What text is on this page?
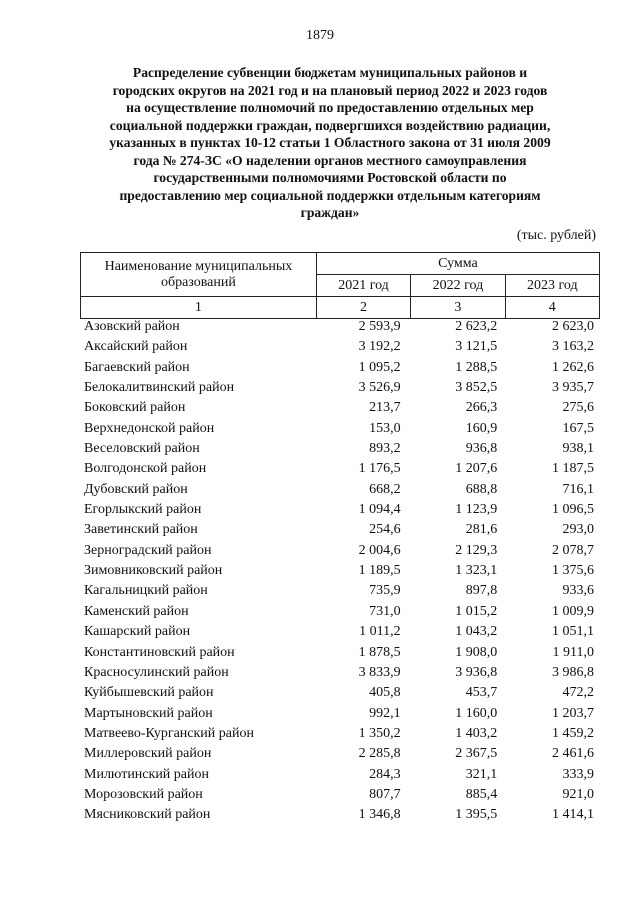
1879
Распределение субвенции бюджетам муниципальных районов и
городских округов на 2021 год и на плановый период 2022 и 2023 годов
на осуществление полномочий по предоставлению отдельных мер
социальной поддержки граждан, подвергшихся воздействию радиации,
указанных в пунктах 10-12 статьи 1 Областного закона от 31 июля 2009
года № 274-ЗС «О наделении органов местного самоуправления
государственными полномочиями Ростовской области по
предоставлению мер социальной поддержки отдельным категориям
граждан»
(тыс. рублей)
Наименование муниципальных образований	Сумма		
	2021 год	2022 год	2023 год
1	2	3	4
Азовский район	2 593,9	2 623,2	2 623,0
Аксайский район	3 192,2	3 121,5	3 163,2
Багаевский район	1 095,2	1 288,5	1 262,6
Белокалитвинский район	3 526,9	3 852,5	3 935,7
Боковский район	213,7	266,3	275,6
Верхнедонской район	153,0	160,9	167,5
Веселовский район	893,2	936,8	938,1
Волгодонской район	1 176,5	1 207,6	1 187,5
Дубовский район	668,2	688,8	716,1
Егорлыкский район	1 094,4	1 123,9	1 096,5
Заветинский район	254,6	281,6	293,0
Зерноградский район	2 004,6	2 129,3	2 078,7
Зимовниковский район	1 189,5	1 323,1	1 375,6
Кагальницкий район	735,9	897,8	933,6
Каменский район	731,0	1 015,2	1 009,9
Кашарский район	1 011,2	1 043,2	1 051,1
Константиновский район	1 878,5	1 908,0	1 911,0
Красносулинский район	3 833,9	3 936,8	3 986,8
Куйбышевский район	405,8	453,7	472,2
Мартыновский район	992,1	1 160,0	1 203,7
Матвеево-Курганский район	1 350,2	1 403,2	1 459,2
Миллеровский район	2 285,8	2 367,5	2 461,6
Милютинский район	284,3	321,1	333,9
Морозовский район	807,7	885,4	921,0
Мясниковский район	1 346,8	1 395,5	1 414,1
